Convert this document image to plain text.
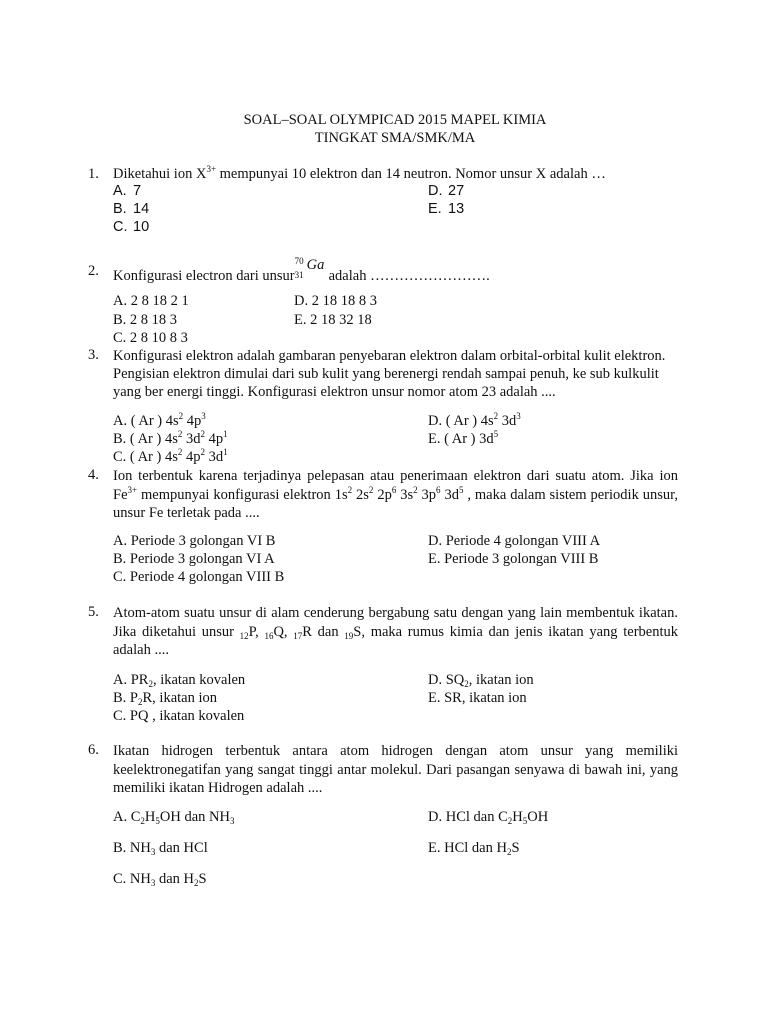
SOAL–SOAL OLYMPICAD 2015 MAPEL KIMIA
TINGKAT SMA/SMK/MA
1. Diketahui ion $X^{3+}$ mempunyai 10 elektron dan 14 neutron. Nomor unsur X adalah …
A. 7
B. 14
C. 10
D. 27
E. 13
2. Konfigurasi electron dari unsur
70
31
Ga
adalah …………………….
A. 2 8 18 2 1
B. 2 8 18 3
C. 2 8 10 8 3
D. 2 18 18 8 3
E. 2 18 32 18
3. Konfigurasi elektron adalah gambaran penyebaran elektron dalam orbital-orbital kulit elektron. Pengisian elektron dimulai dari sub kulit yang berenergi rendah sampai penuh, ke sub kulkulit yang ber energi tinggi. Konfigurasi elektron unsur nomor atom 23 adalah ....
A. ( Ar ) $4s^2$ $4p^3$
B. ( Ar ) $4s^2$ $3d^2$ $4p^1$
C. ( Ar ) $4s^2$ $4p^2$ $3d^1$
D. ( Ar ) $4s^2$ $3d^3$
E. ( Ar ) $3d^5$
4. Ion terbentuk karena terjadinya pelepasan atau penerimaan elektron dari suatu atom. Jika ion $Fe^{3+}$ mempunyai konfigurasi elektron $1s^2$ $2s^2$ $2p^6$ $3s^2$ $3p^6$ $3d^5$ , maka dalam sistem periodik unsur, unsur Fe terletak pada ....
A. Periode 3 golongan VI B
B. Periode 3 golongan VI A
C. Periode 4 golongan VIII B
D. Periode 4 golongan VIII A
E. Periode 3 golongan VIII B
5. Atom-atom suatu unsur di alam cenderung bergabung satu dengan yang lain membentuk ikatan. Jika diketahui unsur $_{12}$P, $_{16}$Q, $_{17}$R dan $_{19}$S, maka rumus kimia dan jenis ikatan yang terbentuk adalah ....
A. $PR_2$, ikatan kovalen
B. $P_2R$, ikatan ion
C. PQ , ikatan kovalen
D. $SQ_2$, ikatan ion
E. SR, ikatan ion
6. Ikatan hidrogen terbentuk antara atom hidrogen dengan atom unsur yang memiliki keelektronegatifan yang sangat tinggi antar molekul. Dari pasangan senyawa di bawah ini, yang memiliki ikatan Hidrogen adalah ....
A. $C_2H_5OH$ dan $NH_3$
B. $NH_3$ dan HCl
C. $NH_3$ dan $H_2S$
D. HCl dan $C_2H_5OH$
E. HCl dan $H_2S$
